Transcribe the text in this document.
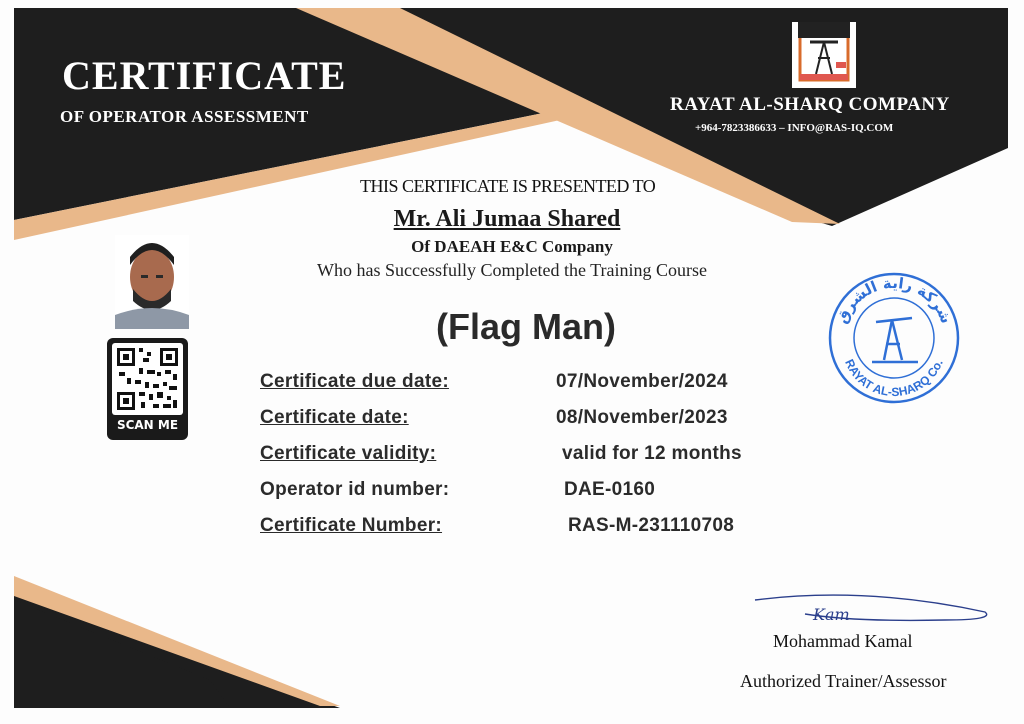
CERTIFICATE
OF OPERATOR ASSESSMENT
RAYAT AL-SHARQ COMPANY
+964-7823386633 – INFO@RAS-IQ.COM
THIS CERTIFICATE IS PRESENTED TO
Mr. Ali Jumaa Shared
Of DAEAH E&C Company
Who has Successfully Completed the Training Course
(Flag Man)
SCAN ME
Certificate due date:	07/November/2024
Certificate date:	08/November/2023
Certificate validity:	valid for 12 months
Operator id number:	DAE-0160
Certificate Number:	RAS-M-231110708
شركة راية الشرق
RAYAT AL-SHARQ Co.
Kam
Mohammad Kamal
Authorized Trainer/Assessor
